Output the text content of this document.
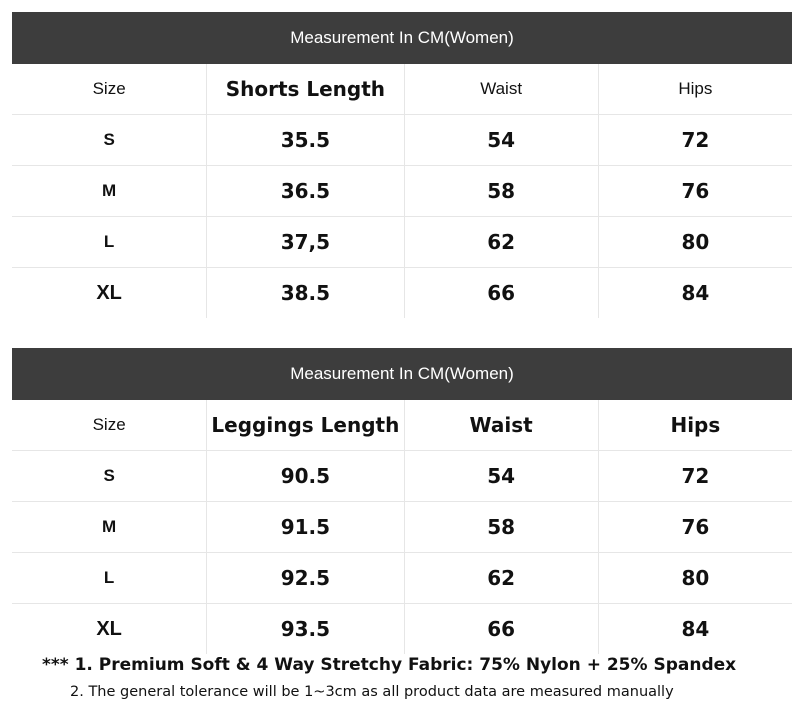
Measurement In CM(Women)
Size	Shorts Length	Waist	Hips
S	35.5	54	72
M	36.5	58	76
L	37,5	62	80
XL	38.5	66	84
Measurement In CM(Women)
Size	Leggings Length	Waist	Hips
S	90.5	54	72
M	91.5	58	76
L	92.5	62	80
XL	93.5	66	84
*** 1. Premium Soft & 4 Way Stretchy Fabric: 75% Nylon + 25% Spandex
2. The general tolerance will be 1~3cm as all product data are measured manually
